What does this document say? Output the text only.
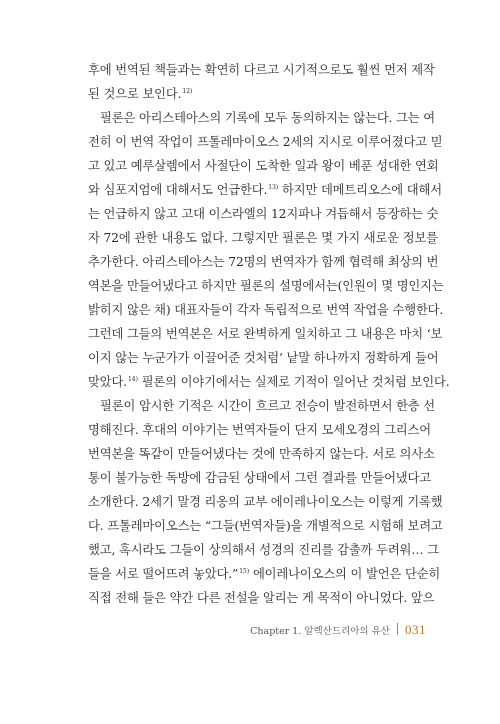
후에 번역된 책들과는 확연히 다르고 시기적으로도 훨씬 먼저 제작
된 것으로 보인다.$^{12)}$
필론은 아리스테아스의 기록에 모두 동의하지는 않는다. 그는 여
전히 이 번역 작업이 프톨레마이오스 2세의 지시로 이루어졌다고 믿
고 있고 예루살렘에서 사절단이 도착한 일과 왕이 베푼 성대한 연회
와 심포지엄에 대해서도 언급한다.$^{13)}$ 하지만 데메트리오스에 대해서
는 언급하지 않고 고대 이스라엘의 12지파나 겨듭해서 등장하는 숫
자 72에 관한 내용도 없다. 그렇지만 필론은 몇 가지 새로운 정보를
추가한다. 아리스테아스는 72명의 번역자가 함께 협력해 최상의 번
역본을 만들어냈다고 하지만 필론의 설명에서는(인원이 몇 명인지는
밝히지 않은 채) 대표자들이 각자 독립적으로 번역 작업을 수행한다.
그런데 그들의 번역본은 서로 완벽하게 일치하고 그 내용은 마치 ‘보
이지 않는 누군가가 이끌어준 것처럼’ 낱말 하나까지 정확하게 들어
맞았다.$^{14)}$ 필론의 이야기에서는 실제로 기적이 일어난 것처럼 보인다.
필론이 암시한 기적은 시간이 흐르고 전승이 발전하면서 한층 선
명해진다. 후대의 이야기는 번역자들이 단지 모세오경의 그리스어
번역본을 똑같이 만들어냈다는 것에 만족하지 않는다. 서로 의사소
통이 불가능한 독방에 감금된 상태에서 그런 결과를 만들어냈다고
소개한다. 2세기 말경 리옹의 교부 에이레나이오스는 이렇게 기록했
다. 프톨레마이오스는 “그들(번역자들)을 개별적으로 시험해 보려고
했고, 혹시라도 그들이 상의해서 성경의 진리를 감출까 두려워… 그
들을 서로 떨어뜨려 놓았다.”$^{15)}$ 에이레나이오스의 이 발언은 단순히
직접 전해 들은 약간 다른 전설을 알리는 게 목적이 아니었다. 앞으
Chapter 1. 알렉산드리아의 유산 031
